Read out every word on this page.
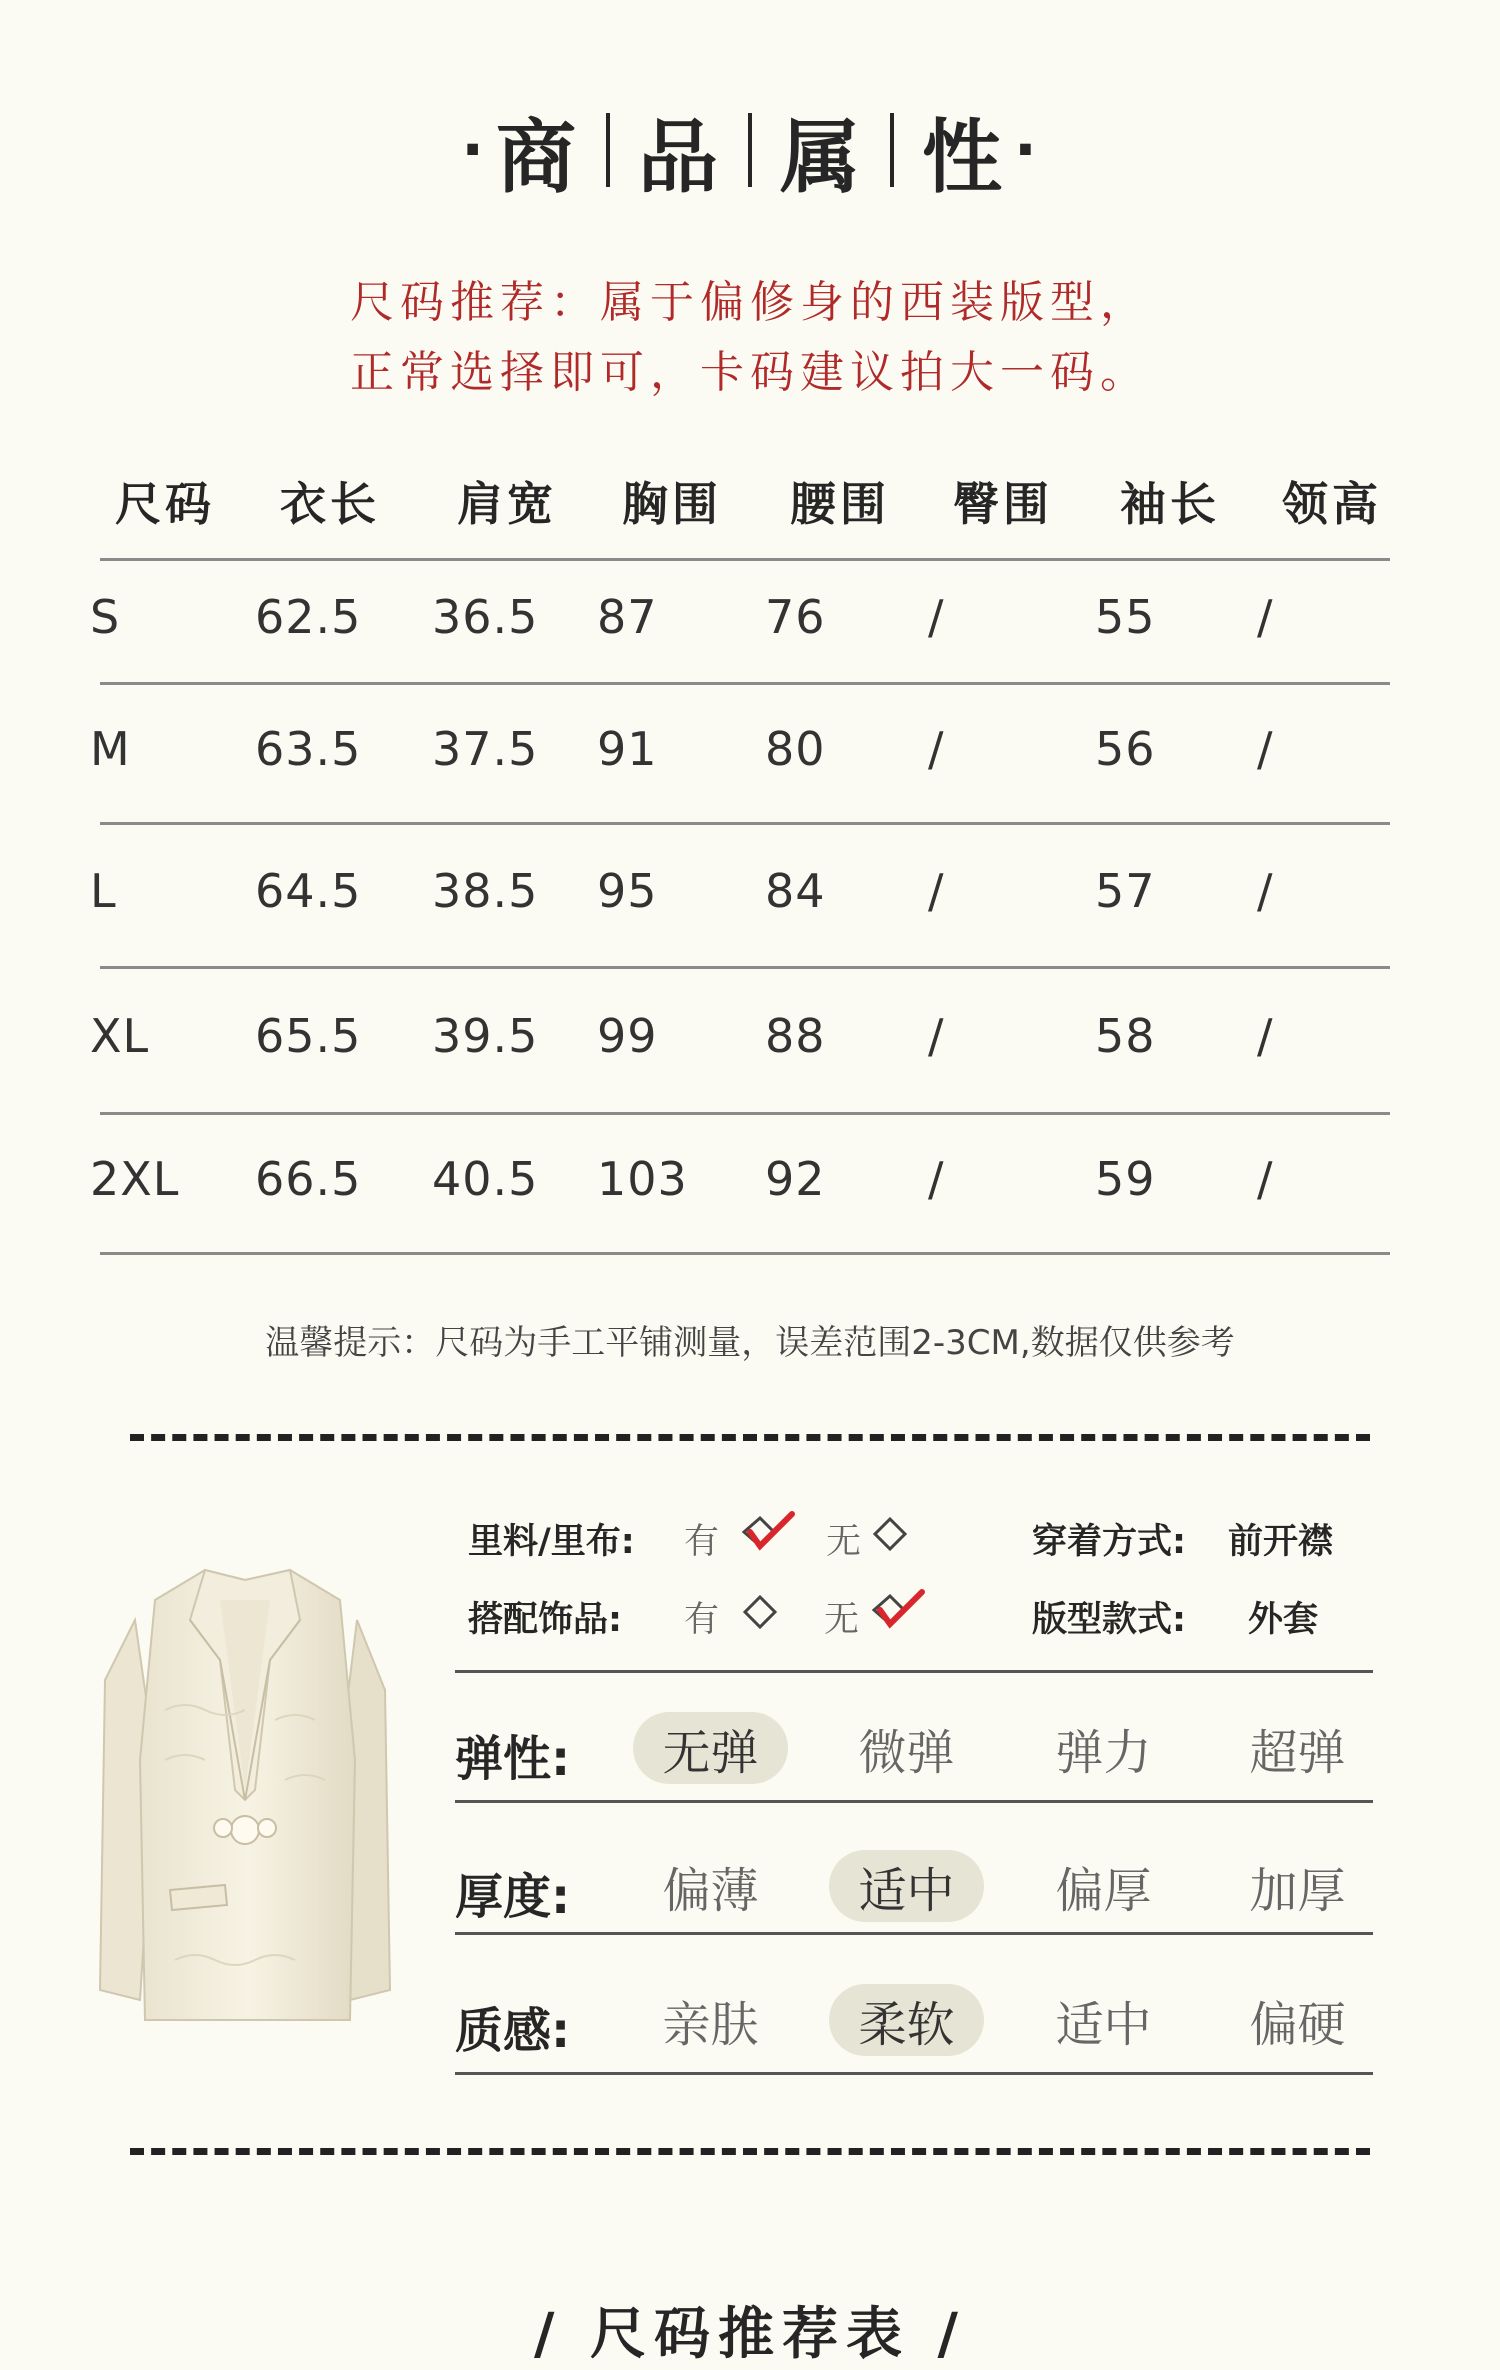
· 商 品 属 性 ·
尺码推荐：属于偏修身的西装版型，
正常选择即可，卡码建议拍大一码。
尺码	衣长	肩宽	胸围	腰围	臀围	袖长	领高
S	62.5	36.5	87	76	/	55	/
M	63.5	37.5	91	80	/	56	/
L	64.5	38.5	95	84	/	57	/
XL	65.5	39.5	99	88	/	58	/
2XL	66.5	40.5	103	92	/	59	/
温馨提示：尺码为手工平铺测量，误差范围2-3CM,数据仅供参考
里料/里布: 有	无	穿着方式: 前开襟
搭配饰品: 有	无	版型款式: 外套
弹性:	无弹	微弹	弹力	超弹
厚度:	偏薄	适中	偏厚	加厚
质感:	亲肤	柔软	适中	偏硬
/ 尺码推荐表 /
